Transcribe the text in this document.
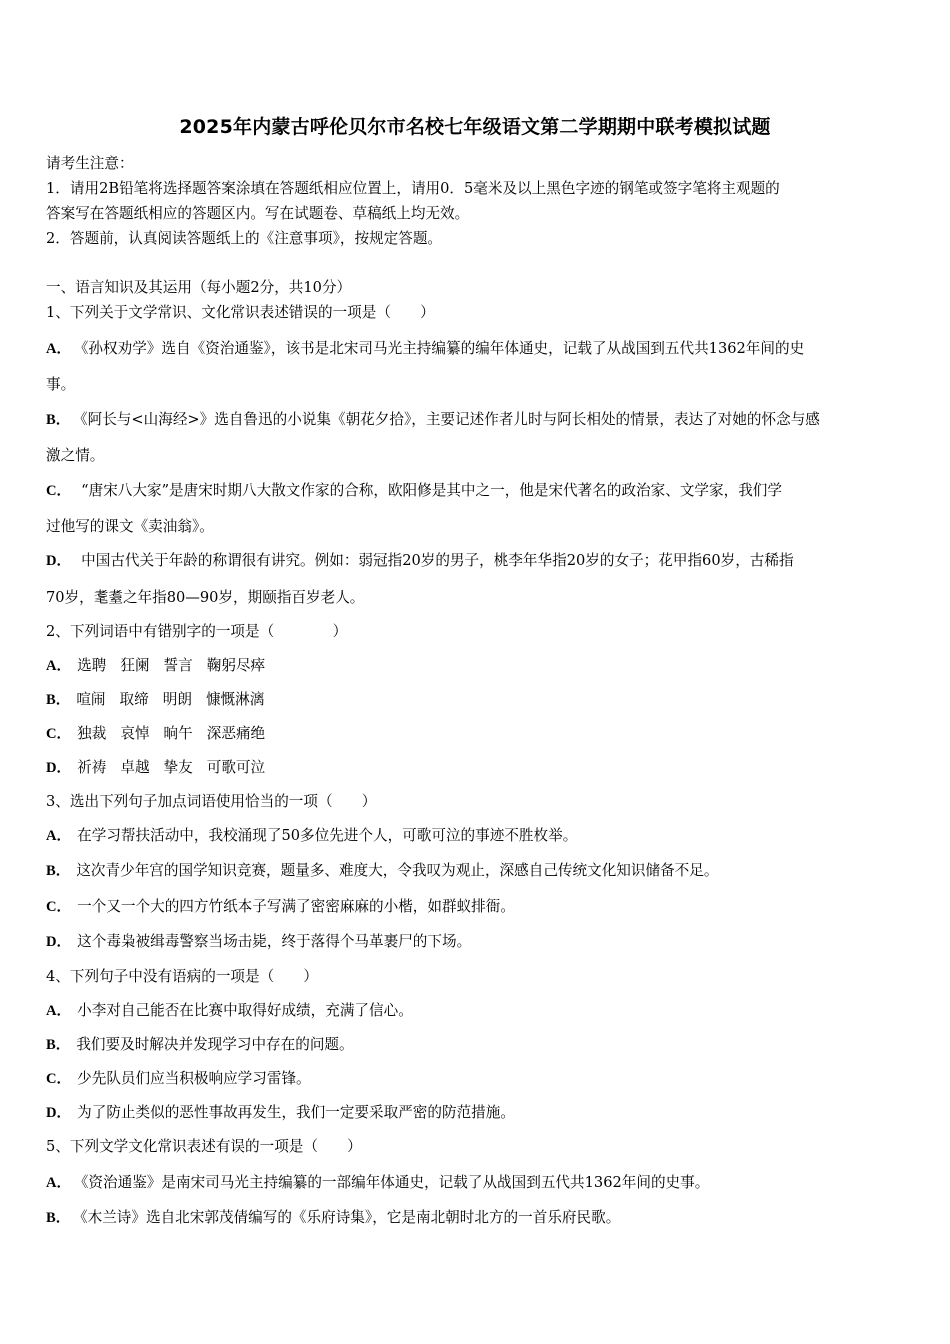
2025年内蒙古呼伦贝尔市名校七年级语文第二学期期中联考模拟试题
请考生注意：
1．请用2B铅笔将选择题答案涂填在答题纸相应位置上，请用0．5毫米及以上黑色字迹的钢笔或签字笔将主观题的
答案写在答题纸相应的答题区内。写在试题卷、草稿纸上均无效。
2．答题前，认真阅读答题纸上的《注意事项》，按规定答题。
一、语言知识及其运用（每小题2分，共10分）
1、下列关于文学常识、文化常识表述错误的一项是（　　）
A． 《孙权劝学》选自《资治通鉴》，该书是北宋司马光主持编纂的编年体通史，记载了从战国到五代共1362年间的史
事。
B． 《阿长与<山海经>》选自鲁迅的小说集《朝花夕拾》，主要记述作者儿时与阿长相处的情景，表达了对她的怀念与感
激之情。
C． “唐宋八大家”是唐宋时期八大散文作家的合称，欧阳修是其中之一，他是宋代著名的政治家、文学家，我们学
过他写的课文《卖油翁》。
D． 中国古代关于年龄的称谓很有讲究。例如：弱冠指20岁的男子，桃李年华指20岁的女子；花甲指60岁，古稀指
70岁，耄耋之年指80—90岁，期颐指百岁老人。
2、下列词语中有错别字的一项是（　　　　）
A． 选聘 狂阑 誓言 鞠躬尽瘁
B． 喧闹 取缔 明朗 慷慨淋漓
C． 独裁 哀悼 晌午 深恶痛绝
D． 祈祷 卓越 挚友 可歌可泣
3、选出下列句子加点词语使用恰当的一项（　　）
A． 在学习帮扶活动中，我校涌现了50多位先进个人，可歌可泣的事迹不胜枚举。
B． 这次青少年宫的国学知识竞赛，题量多、难度大，令我叹为观止，深感自己传统文化知识储备不足。
C． 一个又一个大的四方竹纸本子写满了密密麻麻的小楷，如群蚁排衙。
D． 这个毒枭被缉毒警察当场击毙，终于落得个马革裹尸的下场。
4、下列句子中没有语病的一项是（　　）
A． 小李对自己能否在比赛中取得好成绩，充满了信心。
B． 我们要及时解决并发现学习中存在的问题。
C． 少先队员们应当积极响应学习雷锋。
D． 为了防止类似的恶性事故再发生，我们一定要采取严密的防范措施。
5、下列文学文化常识表述有误的一项是（　　）
A． 《资治通鉴》是南宋司马光主持编纂的一部编年体通史，记载了从战国到五代共1362年间的史事。
B． 《木兰诗》选自北宋郭茂倩编写的《乐府诗集》，它是南北朝时北方的一首乐府民歌。
